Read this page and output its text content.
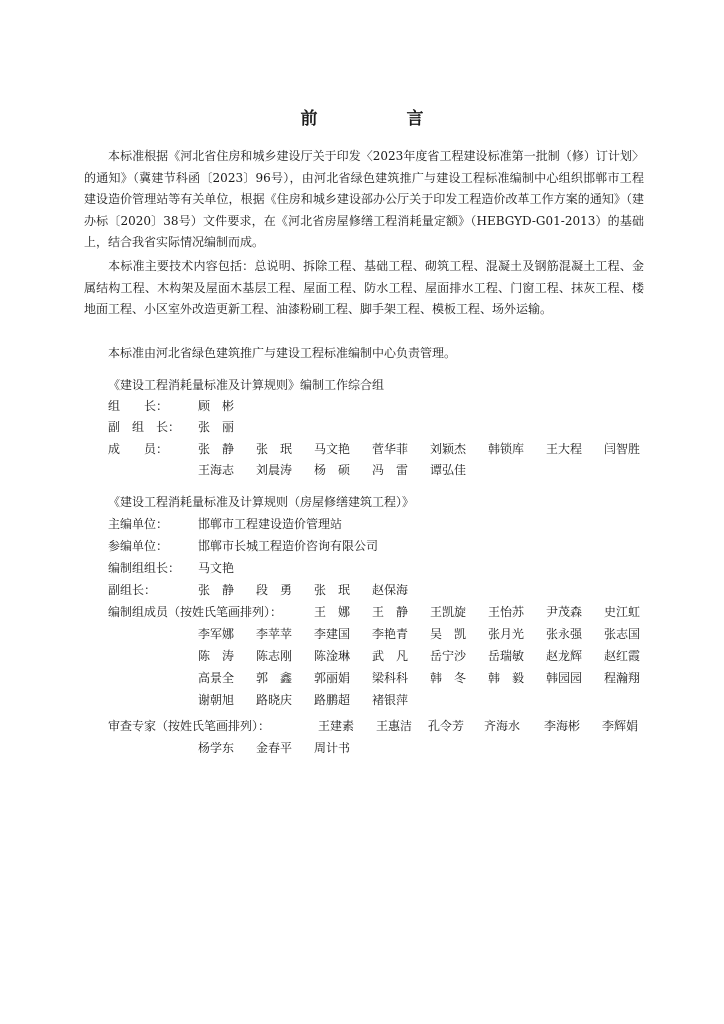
前　言
本标准根据《河北省住房和城乡建设厅关于印发〈2023年度省工程建设标准第一批制（修）订计划〉的通知》（冀建节科函〔2023〕96号），由河北省绿色建筑推广与建设工程标准编制中心组织邯郸市工程建设造价管理站等有关单位，根据《住房和城乡建设部办公厅关于印发工程造价改革工作方案的通知》（建办标〔2020〕38号）文件要求，在《河北省房屋修缮工程消耗量定额》（HEBGYD-G01-2013）的基础上，结合我省实际情况编制而成。
本标准主要技术内容包括：总说明、拆除工程、基础工程、砌筑工程、混凝土及钢筋混凝土工程、金属结构工程、木构架及屋面木基层工程、屋面工程、防水工程、屋面排水工程、门窗工程、抹灰工程、楼地面工程、小区室外改造更新工程、油漆粉刷工程、脚手架工程、模板工程、场外运输。
本标准由河北省绿色建筑推广与建设工程标准编制中心负责管理。
《建设工程消耗量标准及计算规则》编制工作综合组
组　　长： 顾　彬
副　组　长： 张　丽
成　　员： 张　静 张　珉 马文艳 菅华菲 刘颖杰 韩锁库 王大程 闫智胜
王海志 刘晨涛 杨　硕 冯　雷 谭弘佳
《建设工程消耗量标准及计算规则（房屋修缮建筑工程）》
主编单位： 邯郸市工程建设造价管理站
参编单位： 邯郸市长城工程造价咨询有限公司
编制组组长： 马文艳
副组长：	张　静 段　勇 张　珉 赵保海
编制组成员（按姓氏笔画排列）：	王　娜 王　静 王凯旋 王怡苏 尹茂森 史江虹
李军娜 李苹苹 李建国 李艳青 吴　凯 张月光 张永强 张志国
陈　涛 陈志刚 陈淦琳 武　凡 岳宁沙 岳瑞敏 赵龙辉 赵红霞
高景全 郭　鑫 郭丽娟 梁科科 韩　冬 韩　毅 韩园园 程瀚翔
谢朝旭 路晓庆 路鹏超 褚银萍
审查专家（按姓氏笔画排列）：	王建素 王惠洁 孔令芳 齐海水 李海彬 李辉娟
杨学东 金春平 周计书
